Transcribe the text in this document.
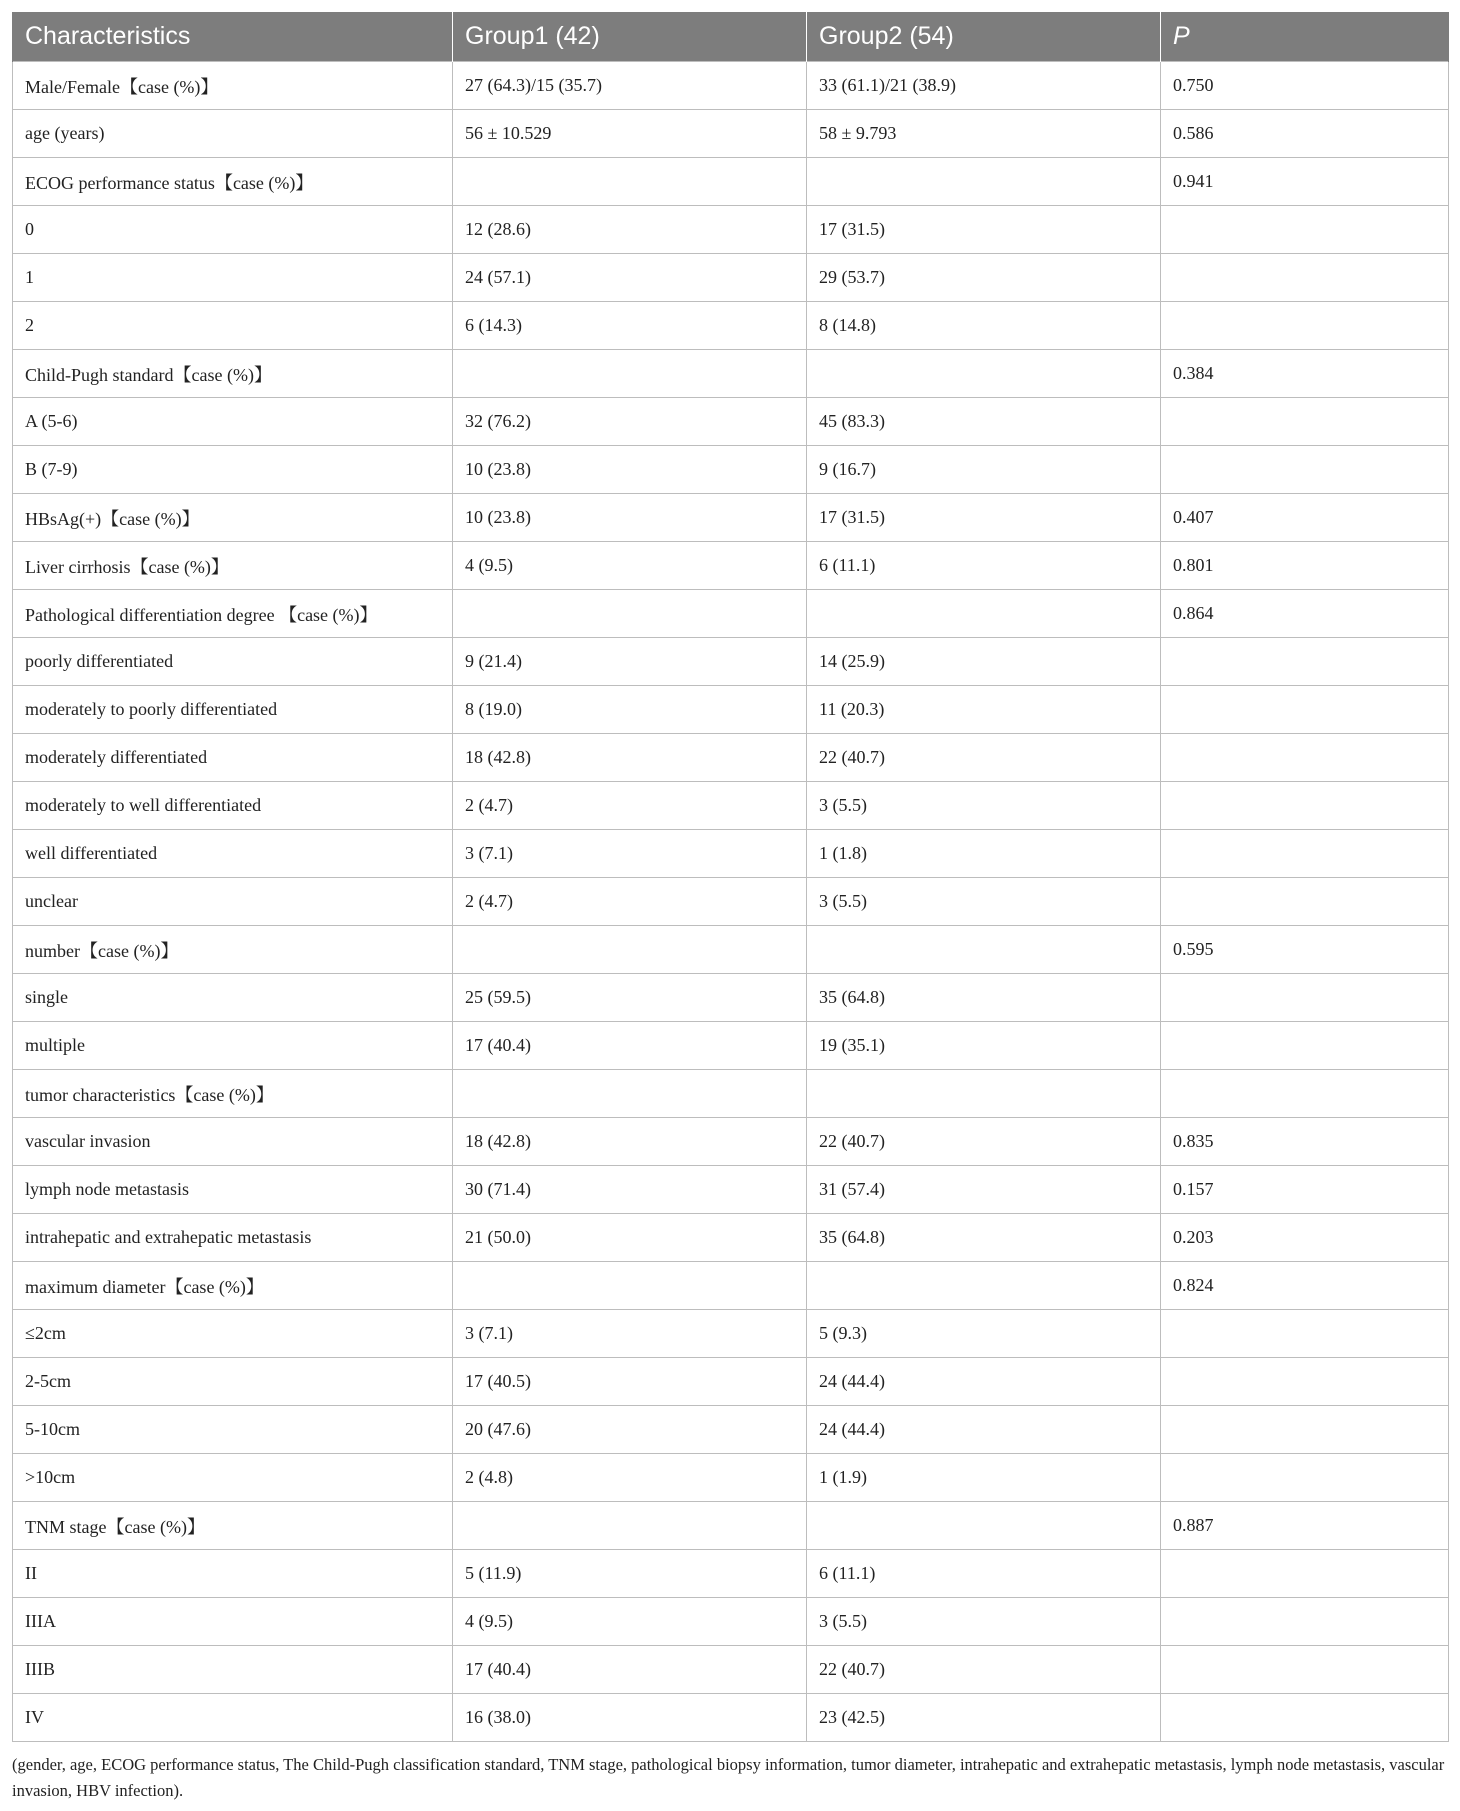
Characteristics	Group1 (42)	Group2 (54)	P
Male/Female【case (%)】	27 (64.3)/15 (35.7)	33 (61.1)/21 (38.9)	0.750
age (years)	56 ± 10.529	58 ± 9.793	0.586
ECOG performance status【case (%)】			0.941
0	12 (28.6)	17 (31.5)	
1	24 (57.1)	29 (53.7)	
2	6 (14.3)	8 (14.8)	
Child-Pugh standard【case (%)】			0.384
A (5-6)	32 (76.2)	45 (83.3)	
B (7-9)	10 (23.8)	9 (16.7)	
HBsAg(+)【case (%)】	10 (23.8)	17 (31.5)	0.407
Liver cirrhosis【case (%)】	4 (9.5)	6 (11.1)	0.801
Pathological differentiation degree 【case (%)】			0.864
poorly differentiated	9 (21.4)	14 (25.9)	
moderately to poorly differentiated	8 (19.0)	11 (20.3)	
moderately differentiated	18 (42.8)	22 (40.7)	
moderately to well differentiated	2 (4.7)	3 (5.5)	
well differentiated	3 (7.1)	1 (1.8)	
unclear	2 (4.7)	3 (5.5)	
number【case (%)】			0.595
single	25 (59.5)	35 (64.8)	
multiple	17 (40.4)	19 (35.1)	
tumor characteristics【case (%)】			
vascular invasion	18 (42.8)	22 (40.7)	0.835
lymph node metastasis	30 (71.4)	31 (57.4)	0.157
intrahepatic and extrahepatic metastasis	21 (50.0)	35 (64.8)	0.203
maximum diameter【case (%)】			0.824
≤2cm	3 (7.1)	5 (9.3)	
2-5cm	17 (40.5)	24 (44.4)	
5-10cm	20 (47.6)	24 (44.4)	
>10cm	2 (4.8)	1 (1.9)	
TNM stage【case (%)】			0.887
II	5 (11.9)	6 (11.1)	
IIIA	4 (9.5)	3 (5.5)	
IIIB	17 (40.4)	22 (40.7)	
IV	16 (38.0)	23 (42.5)	
(gender, age, ECOG performance status, The Child-Pugh classification standard, TNM stage, pathological biopsy information, tumor diameter, intrahepatic and extrahepatic metastasis, lymph node metastasis, vascular invasion, HBV infection).
